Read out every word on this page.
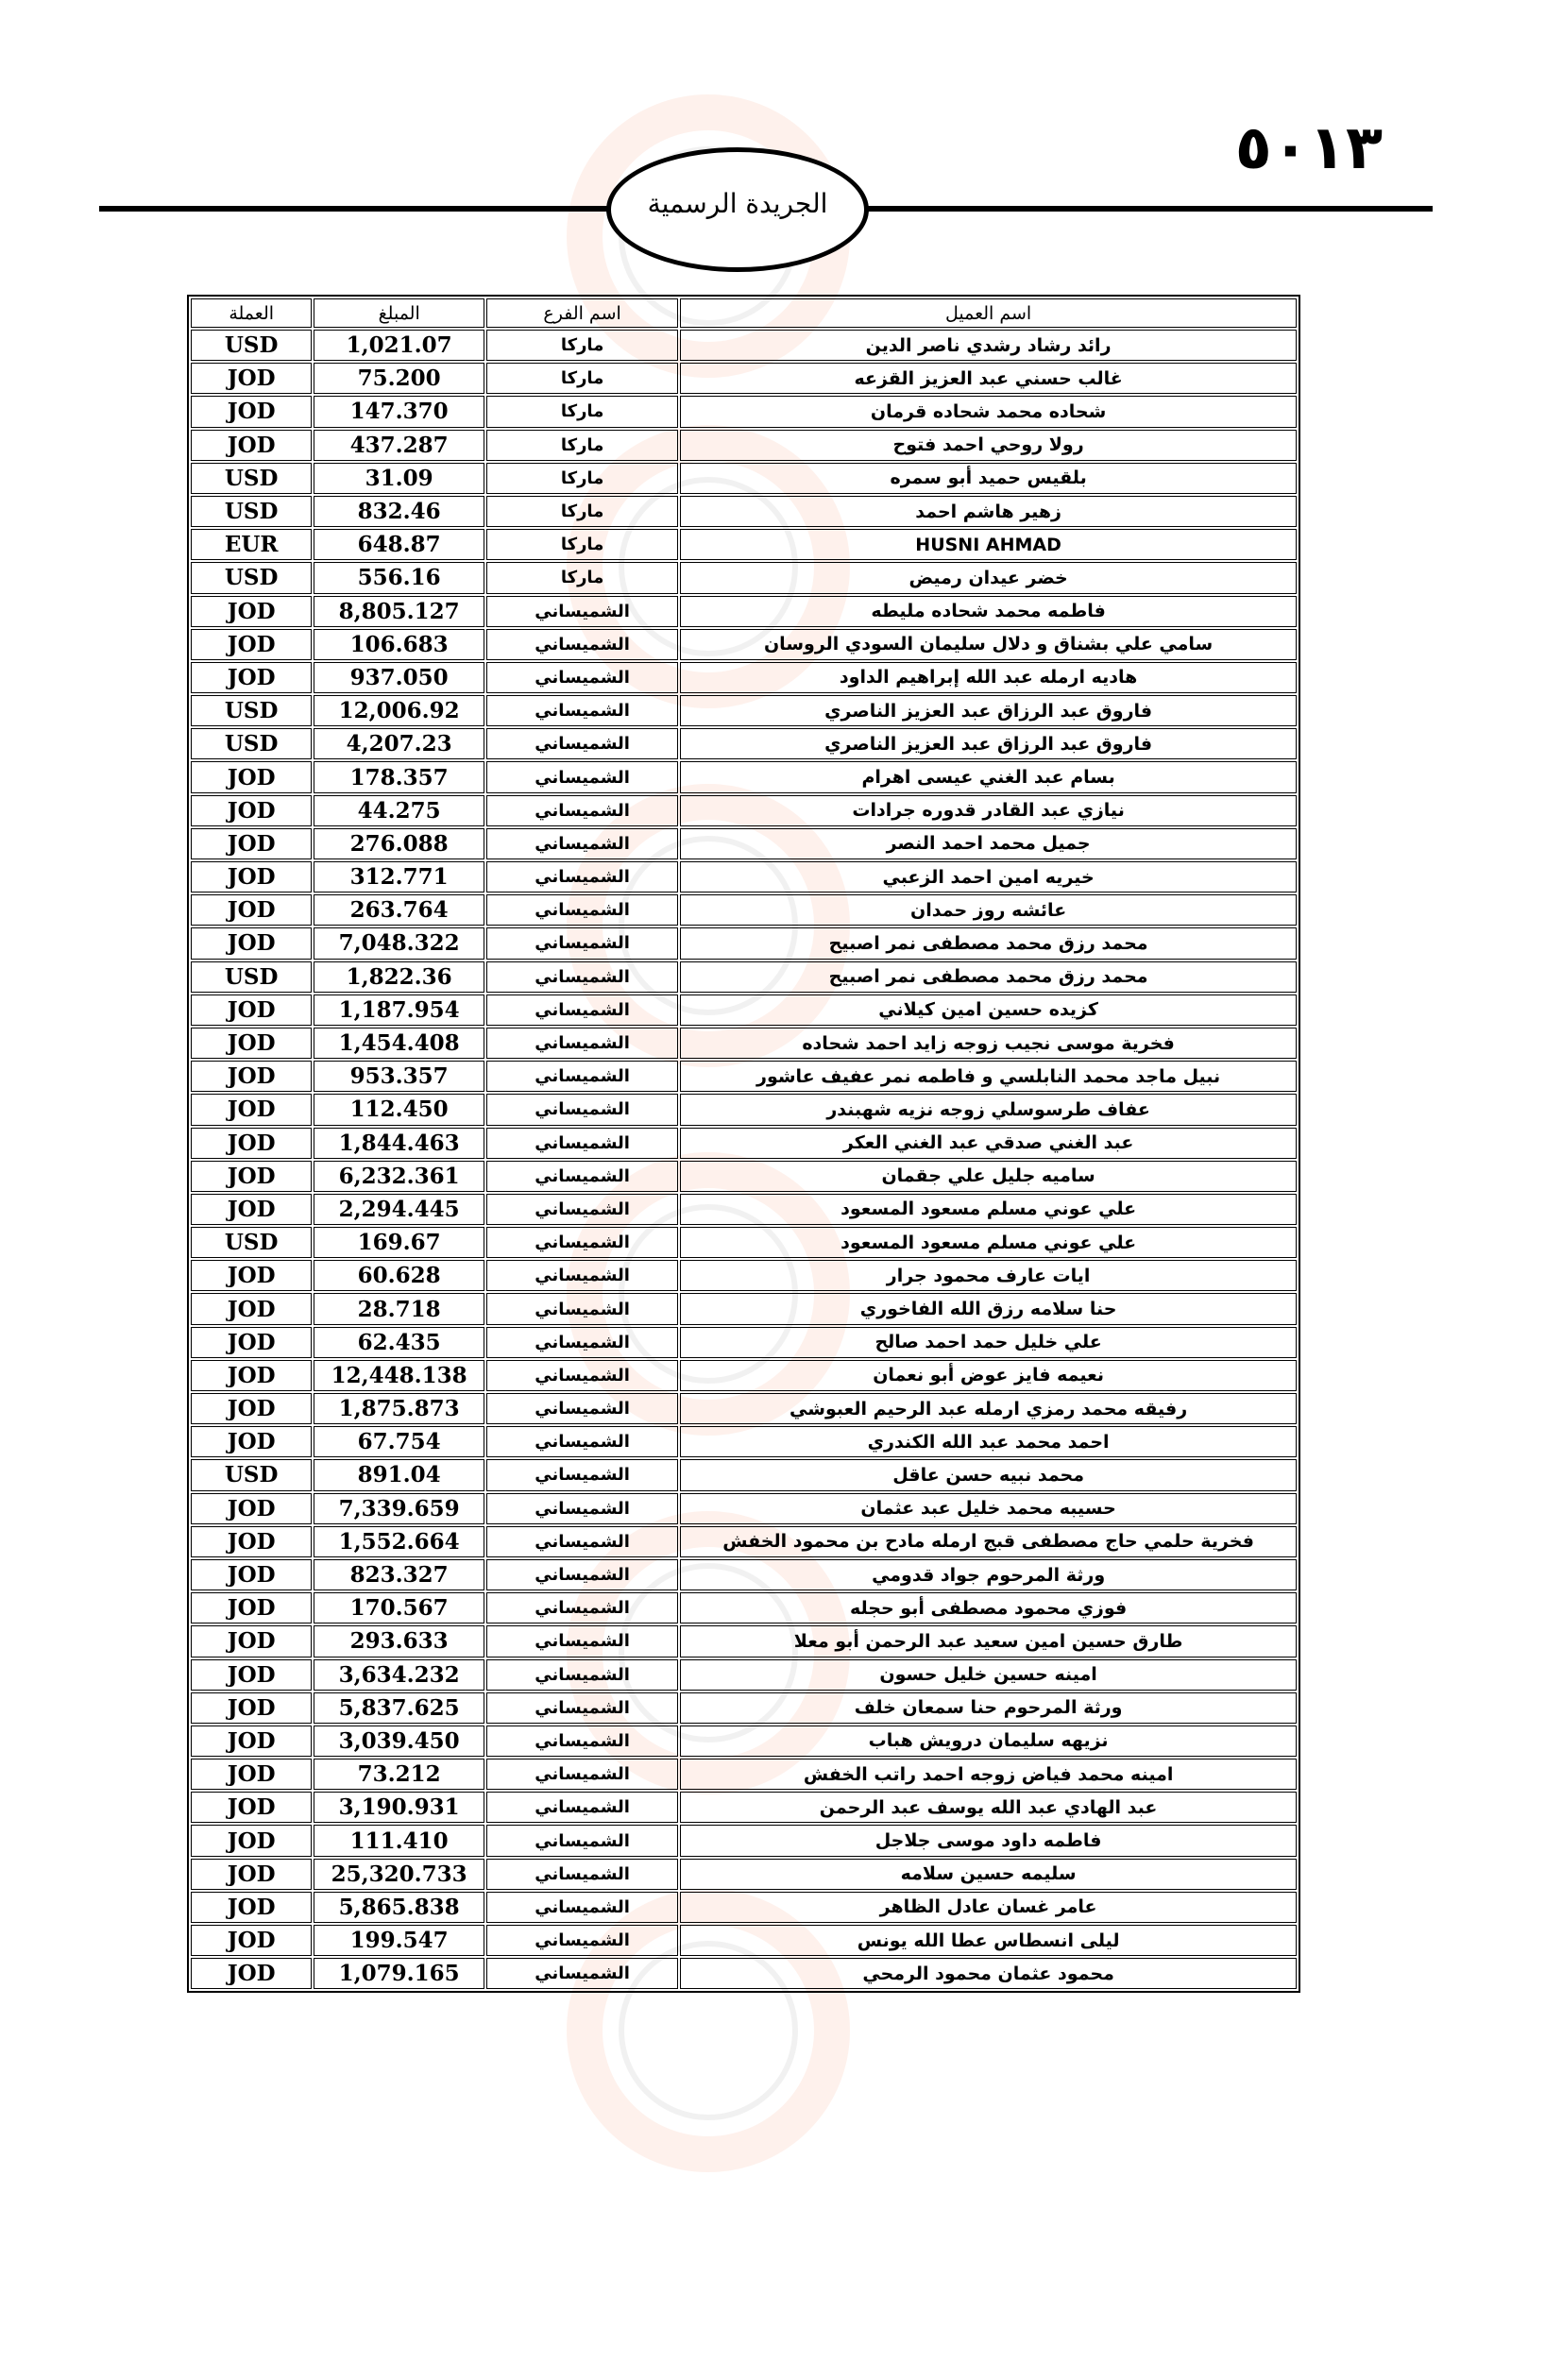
٥٠١٣
الجريدة الرسمية
اسم العميل	اسم الفرع	المبلغ	العملة
رائد رشاد رشدي ناصر الدين	ماركا	1,021.07	USD
غالب حسني عبد العزيز القزعه	ماركا	75.200	JOD
شحاده محمد شحاده قرمان	ماركا	147.370	JOD
رولا روحي احمد فتوح	ماركا	437.287	JOD
بلقيس حميد أبو سمره	ماركا	31.09	USD
زهير هاشم احمد	ماركا	832.46	USD
HUSNI AHMAD	ماركا	648.87	EUR
خضر عيدان رميض	ماركا	556.16	USD
فاطمه محمد شحاده مليطه	الشميساني	8,805.127	JOD
سامي علي بشناق و دلال سليمان السودي الروسان	الشميساني	106.683	JOD
هاديه ارمله عبد الله إبراهيم الداود	الشميساني	937.050	JOD
فاروق عبد الرزاق عبد العزيز الناصري	الشميساني	12,006.92	USD
فاروق عبد الرزاق عبد العزيز الناصري	الشميساني	4,207.23	USD
بسام عبد الغني عيسى اهرام	الشميساني	178.357	JOD
نيازي عبد القادر قدوره جرادات	الشميساني	44.275	JOD
جميل محمد احمد النصر	الشميساني	276.088	JOD
خيريه امين احمد الزعبي	الشميساني	312.771	JOD
عائشه روز حمدان	الشميساني	263.764	JOD
محمد رزق محمد مصطفى نمر اصبيح	الشميساني	7,048.322	JOD
محمد رزق محمد مصطفى نمر اصبيح	الشميساني	1,822.36	USD
كزيده حسين امين كيلاني	الشميساني	1,187.954	JOD
فخرية موسى نجيب زوجه زايد احمد شحاده	الشميساني	1,454.408	JOD
نبيل ماجد محمد النابلسي و فاطمه نمر عفيف عاشور	الشميساني	953.357	JOD
عفاف طرسوسلي زوجه نزيه شهبندر	الشميساني	112.450	JOD
عبد الغني صدقي عبد الغني العكر	الشميساني	1,844.463	JOD
ساميه جليل علي جقمان	الشميساني	6,232.361	JOD
علي عوني مسلم مسعود المسعود	الشميساني	2,294.445	JOD
علي عوني مسلم مسعود المسعود	الشميساني	169.67	USD
ايات عارف محمود جرار	الشميساني	60.628	JOD
حنا سلامه رزق الله الفاخوري	الشميساني	28.718	JOD
علي خليل حمد احمد صالح	الشميساني	62.435	JOD
نعيمه فايز عوض أبو نعمان	الشميساني	12,448.138	JOD
رفيقه محمد رمزي ارمله عبد الرحيم العبوشي	الشميساني	1,875.873	JOD
احمد محمد عبد الله الكندري	الشميساني	67.754	JOD
محمد نبيه حسن عاقل	الشميساني	891.04	USD
حسيبه محمد خليل عبد عثمان	الشميساني	7,339.659	JOD
فخرية حلمي حاج مصطفى قبج ارمله مادح بن محمود الخفش	الشميساني	1,552.664	JOD
ورثة المرحوم جواد قدومي	الشميساني	823.327	JOD
فوزي محمود مصطفى أبو حجله	الشميساني	170.567	JOD
طارق حسين امين سعيد عبد الرحمن أبو معلا	الشميساني	293.633	JOD
امينه حسين خليل حسون	الشميساني	3,634.232	JOD
ورثة المرحوم حنا سمعان خلف	الشميساني	5,837.625	JOD
نزيهه سليمان درويش هباب	الشميساني	3,039.450	JOD
امينه محمد فياض زوجه احمد راتب الخفش	الشميساني	73.212	JOD
عبد الهادي عبد الله يوسف عبد الرحمن	الشميساني	3,190.931	JOD
فاطمه داود موسى جلاجل	الشميساني	111.410	JOD
سليمه حسين سلامه	الشميساني	25,320.733	JOD
عامر غسان عادل الظاهر	الشميساني	5,865.838	JOD
ليلى انسطاس عطا الله يونس	الشميساني	199.547	JOD
محمود عثمان محمود الرمحي	الشميساني	1,079.165	JOD
